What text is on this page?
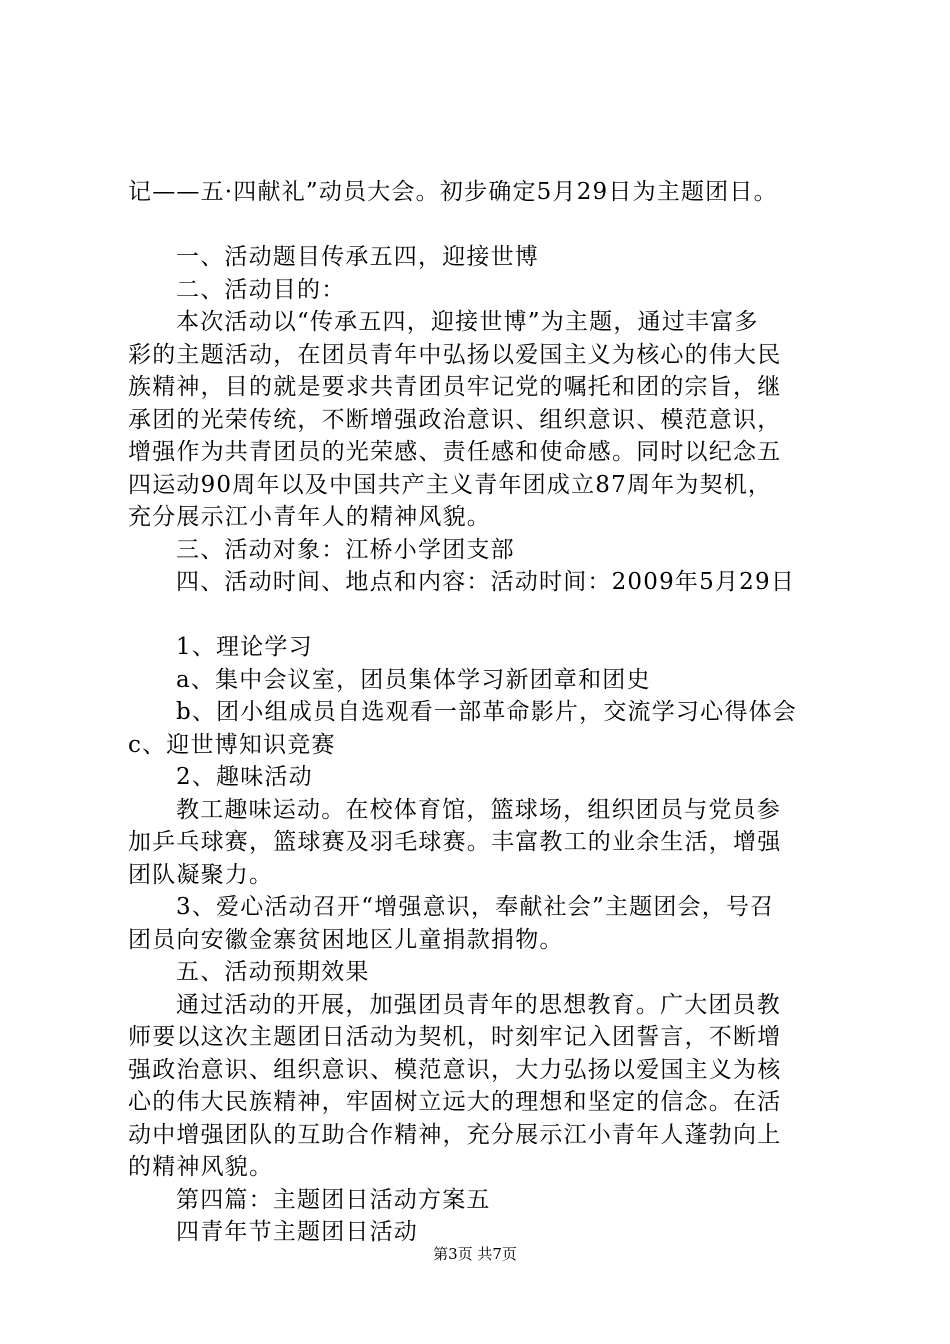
记——五·四献礼”动员大会。初步确定5月29日为主题团日。
一、活动题目传承五四，迎接世博
二、活动目的：
本次活动以“传承五四，迎接世博”为主题，通过丰富多
彩的主题活动，在团员青年中弘扬以爱国主义为核心的伟大民
族精神，目的就是要求共青团员牢记党的嘱托和团的宗旨，继
承团的光荣传统，不断增强政治意识、组织意识、模范意识，
增强作为共青团员的光荣感、责任感和使命感。同时以纪念五
四运动90周年以及中国共产主义青年团成立87周年为契机，
充分展示江小青年人的精神风貌。
三、活动对象：江桥小学团支部
四、活动时间、地点和内容：活动时间：2009年5月29日
1、理论学习
a、集中会议室，团员集体学习新团章和团史
b、团小组成员自选观看一部革命影片，交流学习心得体会
c、迎世博知识竞赛
2、趣味活动
教工趣味运动。在校体育馆，篮球场，组织团员与党员参
加乒乓球赛，篮球赛及羽毛球赛。丰富教工的业余生活，增强
团队凝聚力。
3、爱心活动召开“增强意识，奉献社会”主题团会，号召
团员向安徽金寨贫困地区儿童捐款捐物。
五、活动预期效果
通过活动的开展，加强团员青年的思想教育。广大团员教
师要以这次主题团日活动为契机，时刻牢记入团誓言，不断增
强政治意识、组织意识、模范意识，大力弘扬以爱国主义为核
心的伟大民族精神，牢固树立远大的理想和坚定的信念。在活
动中增强团队的互助合作精神，充分展示江小青年人蓬勃向上
的精神风貌。
第四篇：主题团日活动方案五
四青年节主题团日活动
第3页 共7页
